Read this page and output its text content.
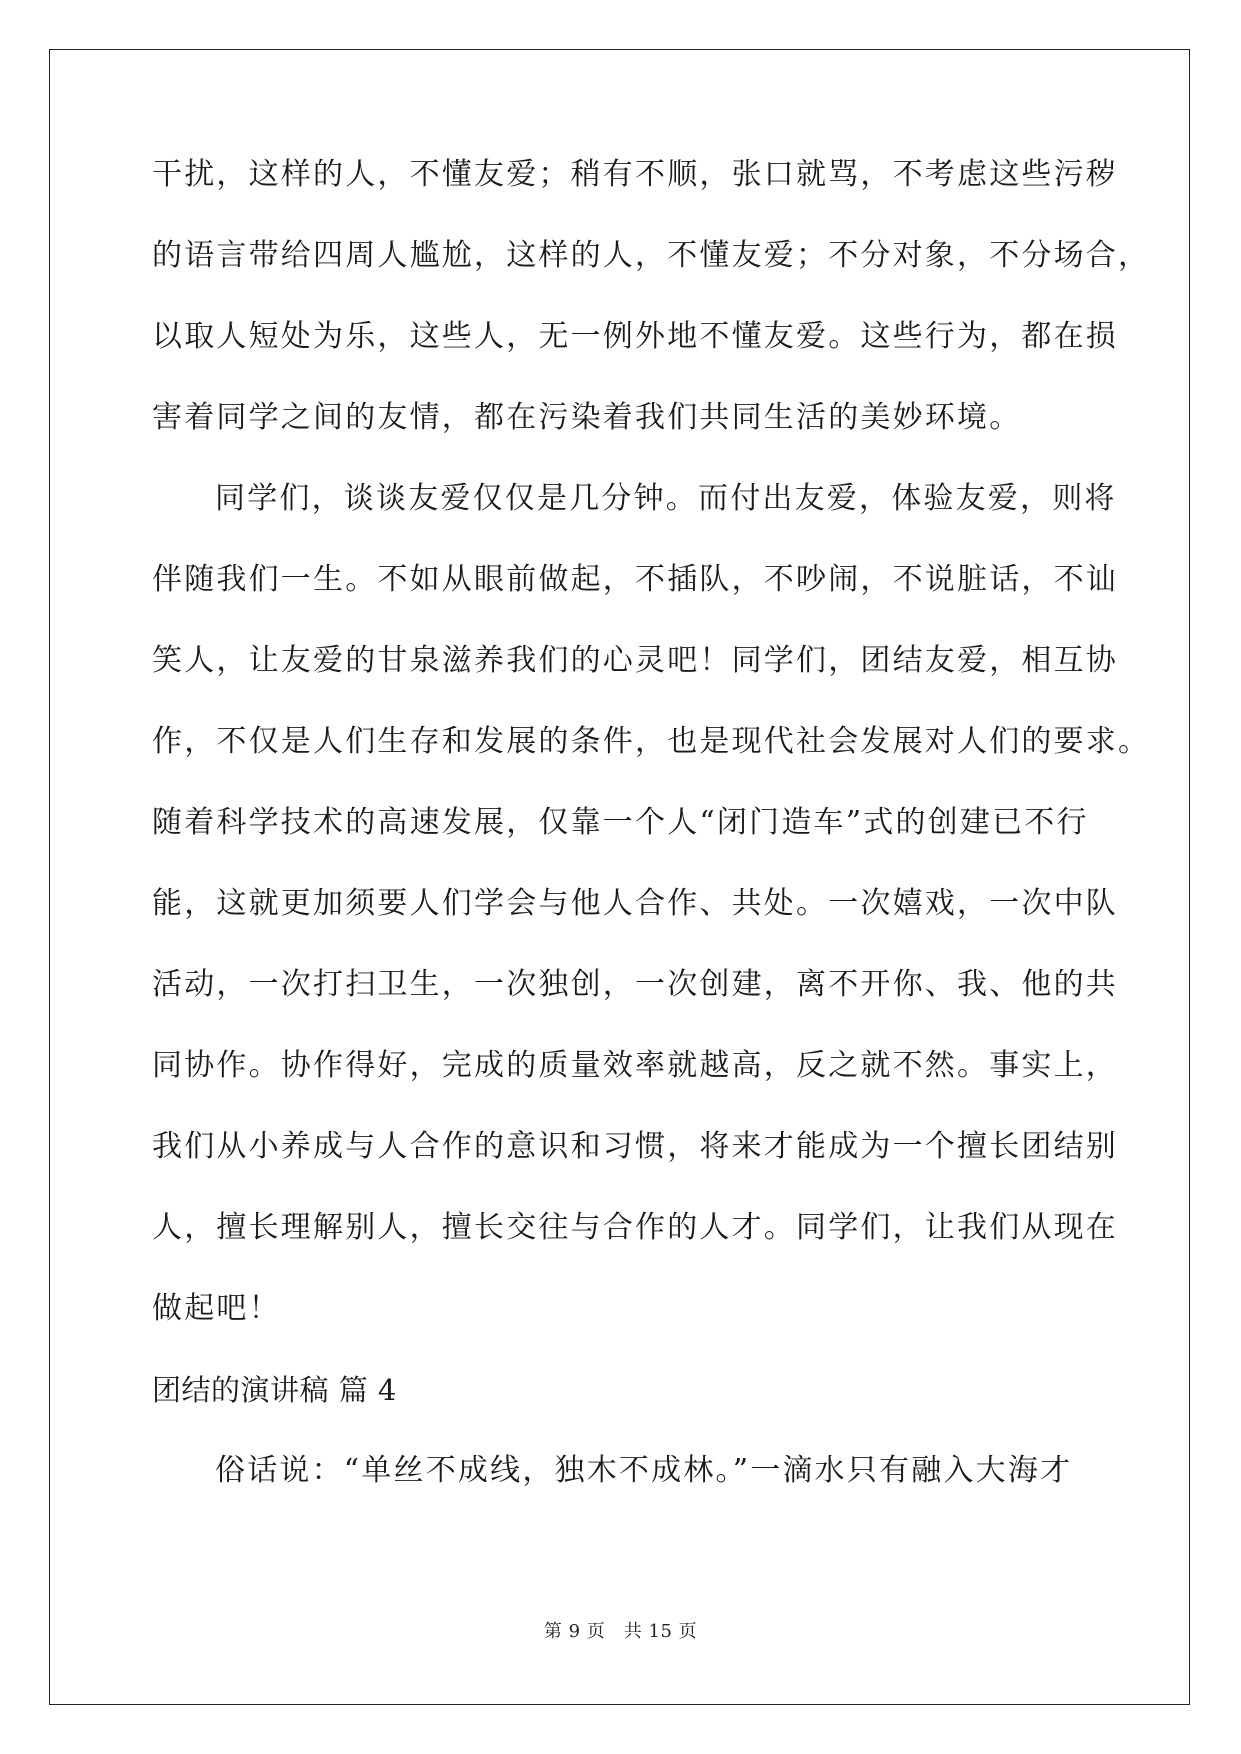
干扰，这样的人，不懂友爱；稍有不顺，张口就骂，不考虑这些污秽
的语言带给四周人尴尬，这样的人，不懂友爱；不分对象，不分场合，
以取人短处为乐，这些人，无一例外地不懂友爱。这些行为，都在损
害着同学之间的友情，都在污染着我们共同生活的美妙环境。
同学们，谈谈友爱仅仅是几分钟。而付出友爱，体验友爱，则将
伴随我们一生。不如从眼前做起，不插队，不吵闹，不说脏话，不讪
笑人，让友爱的甘泉滋养我们的心灵吧！同学们，团结友爱，相互协
作，不仅是人们生存和发展的条件，也是现代社会发展对人们的要求。
随着科学技术的高速发展，仅靠一个人“闭门造车”式的创建已不行
能，这就更加须要人们学会与他人合作、共处。一次嬉戏，一次中队
活动，一次打扫卫生，一次独创，一次创建，离不开你、我、他的共
同协作。协作得好，完成的质量效率就越高，反之就不然。事实上，
我们从小养成与人合作的意识和习惯，将来才能成为一个擅长团结别
人，擅长理解别人，擅长交往与合作的人才。同学们，让我们从现在
做起吧！
团结的演讲稿 篇 4
俗话说：“单丝不成线，独木不成林。”一滴水只有融入大海才
第 9 页　共 15 页
